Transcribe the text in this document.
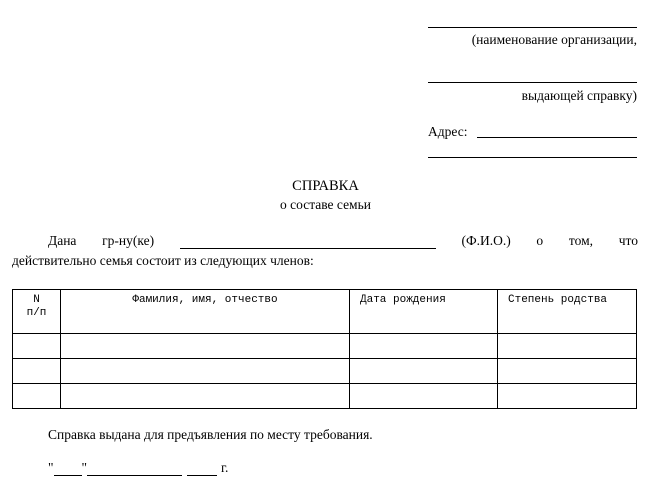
(наименование организации,
выдающей справку)
Адрес:
СПРАВКА
о составе семьи
Дана гр-ну(ке)	(Ф.И.О.) о том, что
действительно семья состоит из следующих членов:
N
п/п	Фамилия, имя, отчество	Дата рождения	Степень родства

Справка выдана для предъявления по месту требования.
" "	г.
